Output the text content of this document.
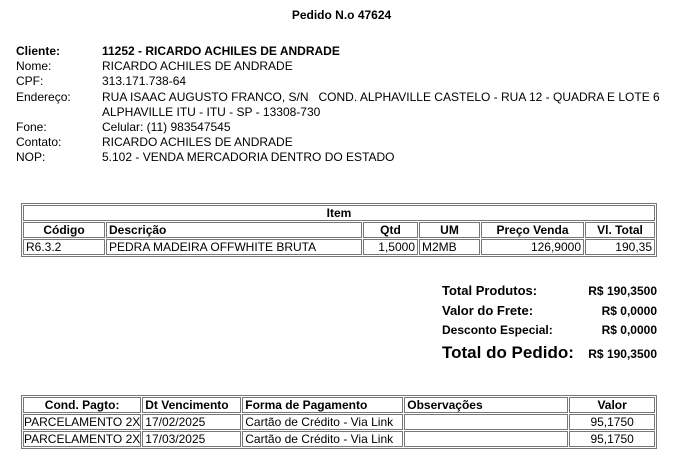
Pedido N.o 47624
Cliente:	11252 - RICARDO ACHILES DE ANDRADE
Nome:	RICARDO ACHILES DE ANDRADE
CPF:	313.171.738-64
Endereço:	RUA ISAAC AUGUSTO FRANCO, S/N   COND. ALPHAVILLE CASTELO - RUA 12 - QUADRA E LOTE 6
ALPHAVILLE ITU - ITU - SP - 13308-730
Fone:	Celular: (11) 983547545
Contato:	RICARDO ACHILES DE ANDRADE
NOP:	5.102 - VENDA MERCADORIA DENTRO DO ESTADO
Item
Código	Descrição	Qtd	UM	Preço Venda	Vl. Total
R6.3.2	PEDRA MADEIRA OFFWHITE BRUTA	1,5000	M2MB	126,9000	190,35
Total Produtos:	R$ 190,3500
Valor do Frete:	R$ 0,0000
Desconto Especial:	R$ 0,0000
Total do Pedido: R$ 190,3500
Cond. Pagto:	Dt Vencimento	Forma de Pagamento	Observações	Valor
PARCELAMENTO 2X	17/02/2025	Cartão de Crédito - Via Link		95,1750
PARCELAMENTO 2X	17/03/2025	Cartão de Crédito - Via Link		95,1750
